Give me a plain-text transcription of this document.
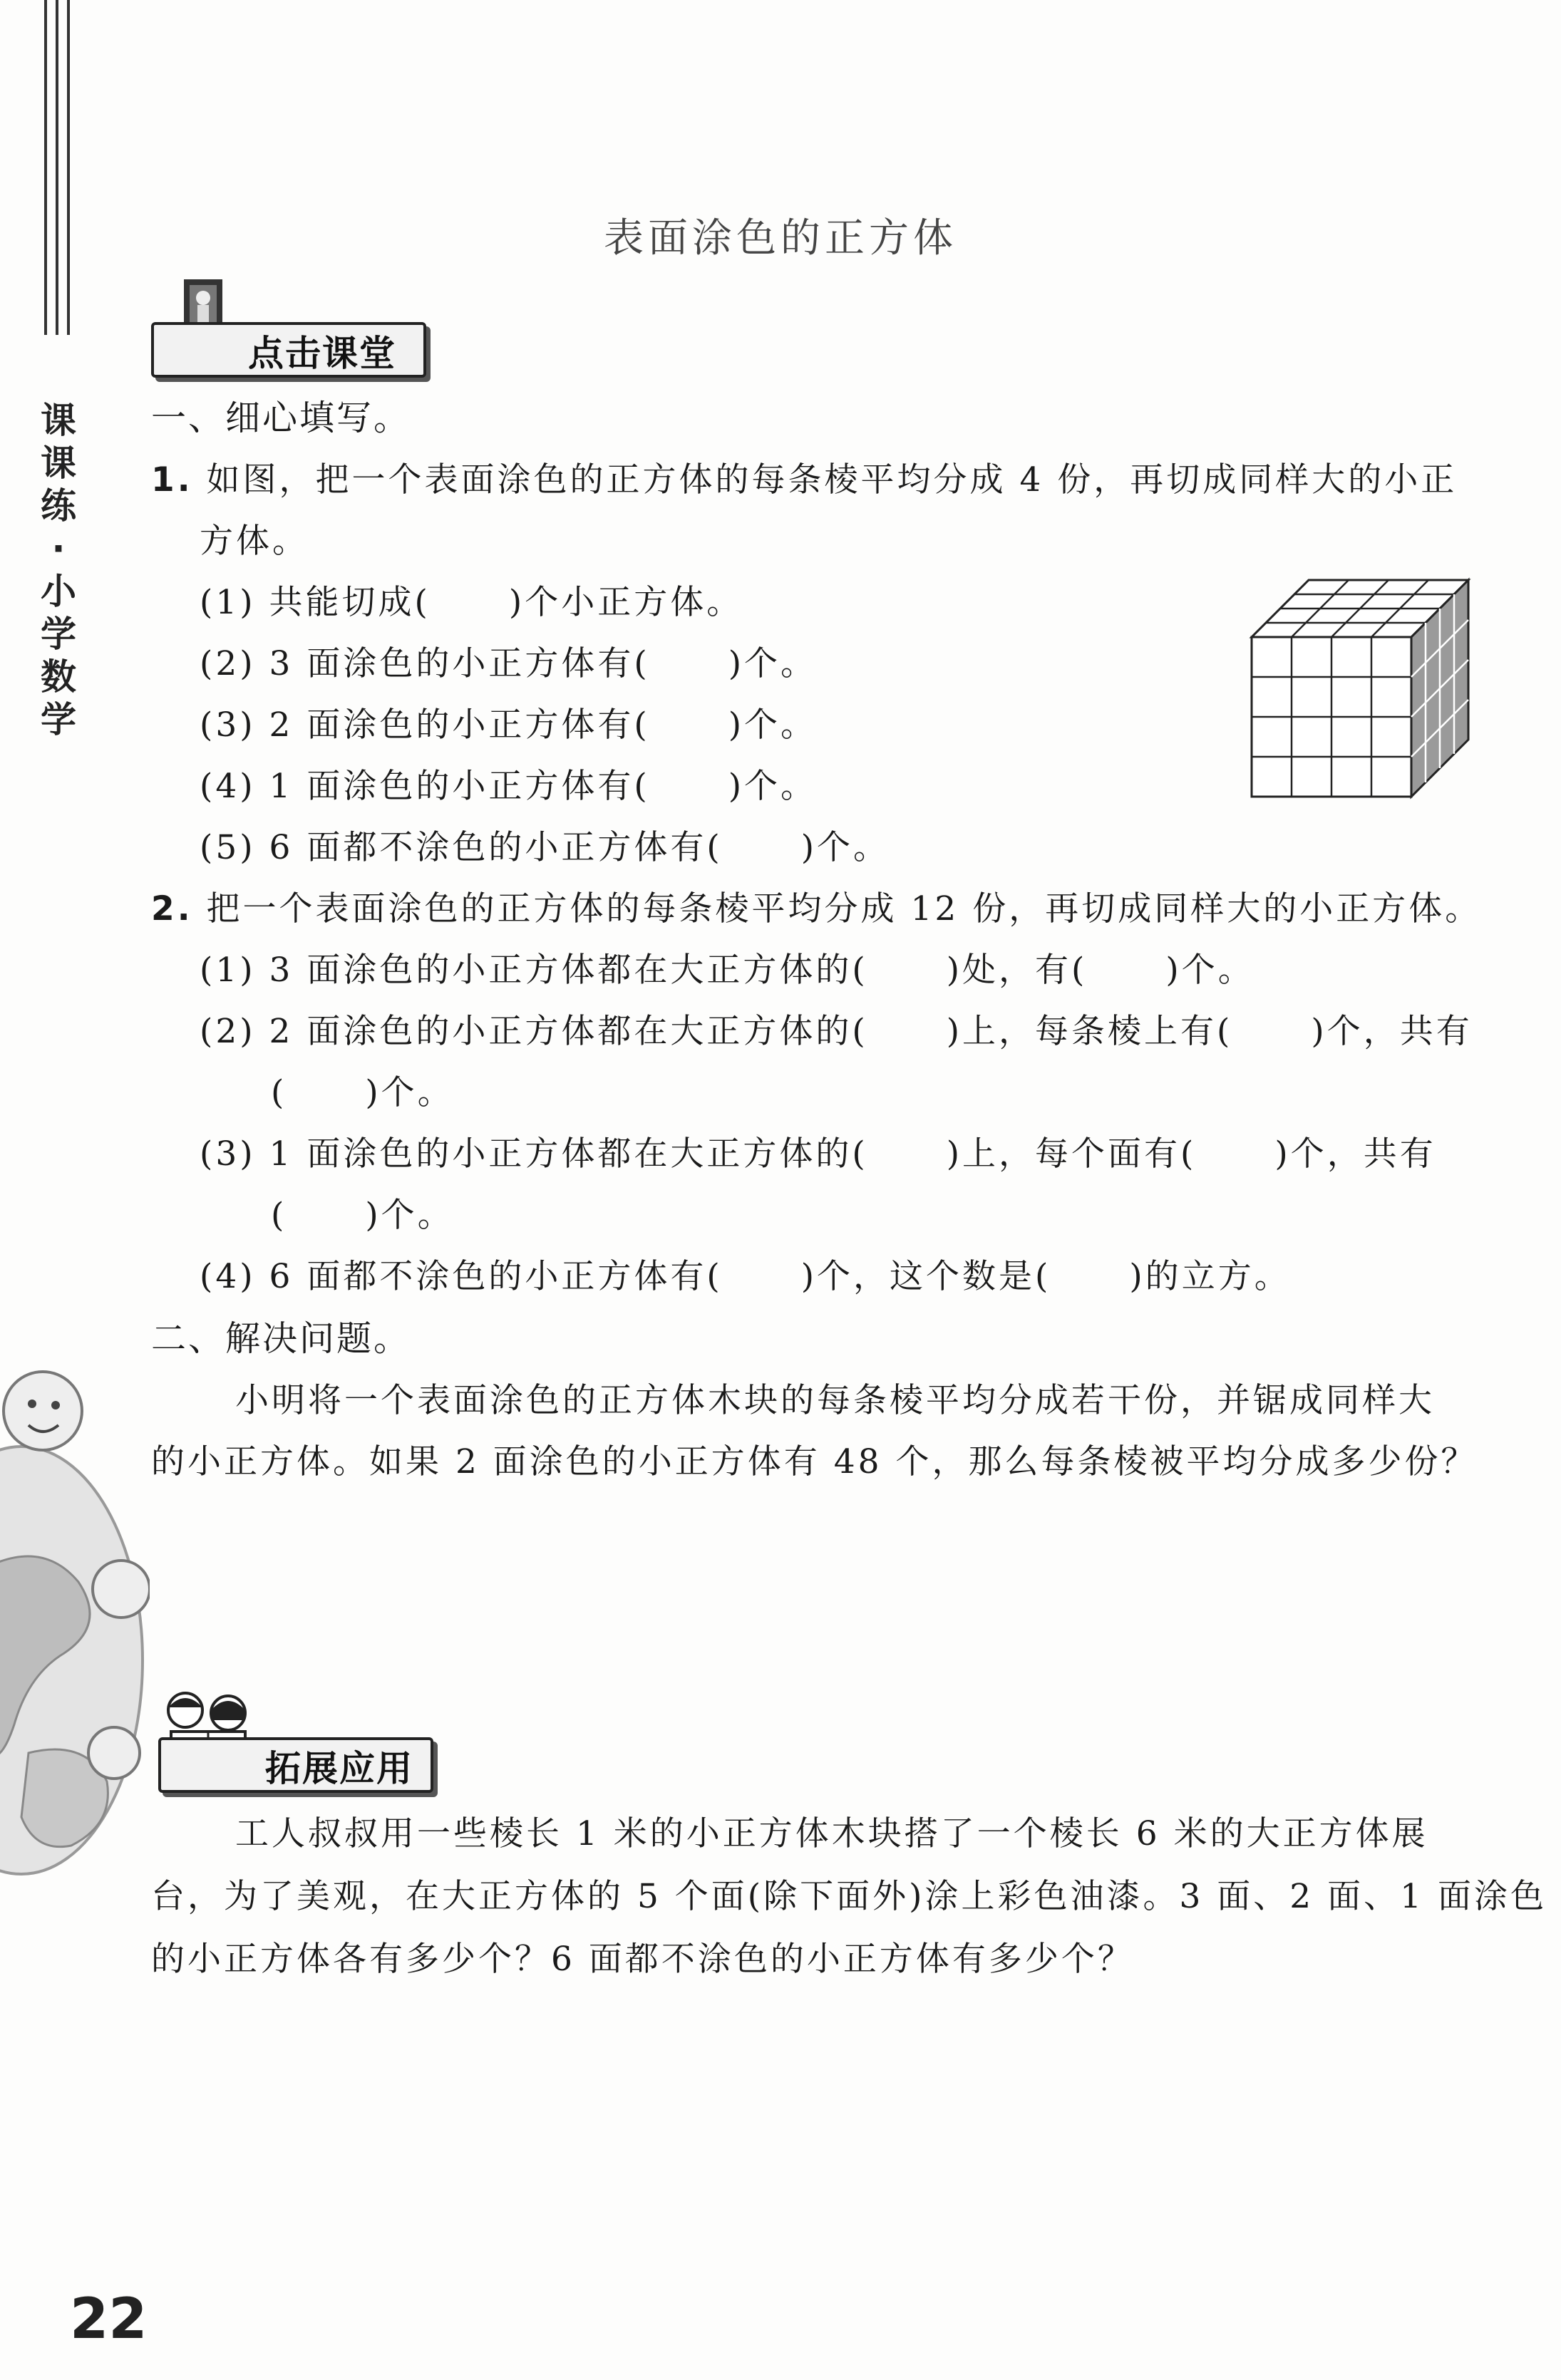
课
课
练
·
小
学
数
学
表面涂色的正方体
点击课堂
一、细心填写。
1. 如图，把一个表面涂色的正方体的每条棱平均分成 4 份，再切成同样大的小正
方体。
(1) 共能切成( )个小正方体。
(2) 3 面涂色的小正方体有( )个。
(3) 2 面涂色的小正方体有( )个。
(4) 1 面涂色的小正方体有( )个。
(5) 6 面都不涂色的小正方体有( )个。
2. 把一个表面涂色的正方体的每条棱平均分成 12 份，再切成同样大的小正方体。
(1) 3 面涂色的小正方体都在大正方体的( )处，有( )个。
(2) 2 面涂色的小正方体都在大正方体的( )上，每条棱上有( )个，共有
( )个。
(3) 1 面涂色的小正方体都在大正方体的( )上，每个面有( )个，共有
( )个。
(4) 6 面都不涂色的小正方体有( )个，这个数是( )的立方。
二、解决问题。
小明将一个表面涂色的正方体木块的每条棱平均分成若干份，并锯成同样大
的小正方体。如果 2 面涂色的小正方体有 48 个，那么每条棱被平均分成多少份？
拓展应用
工人叔叔用一些棱长 1 米的小正方体木块搭了一个棱长 6 米的大正方体展
台，为了美观，在大正方体的 5 个面(除下面外)涂上彩色油漆。3 面、2 面、1 面涂色
的小正方体各有多少个？6 面都不涂色的小正方体有多少个？
22
